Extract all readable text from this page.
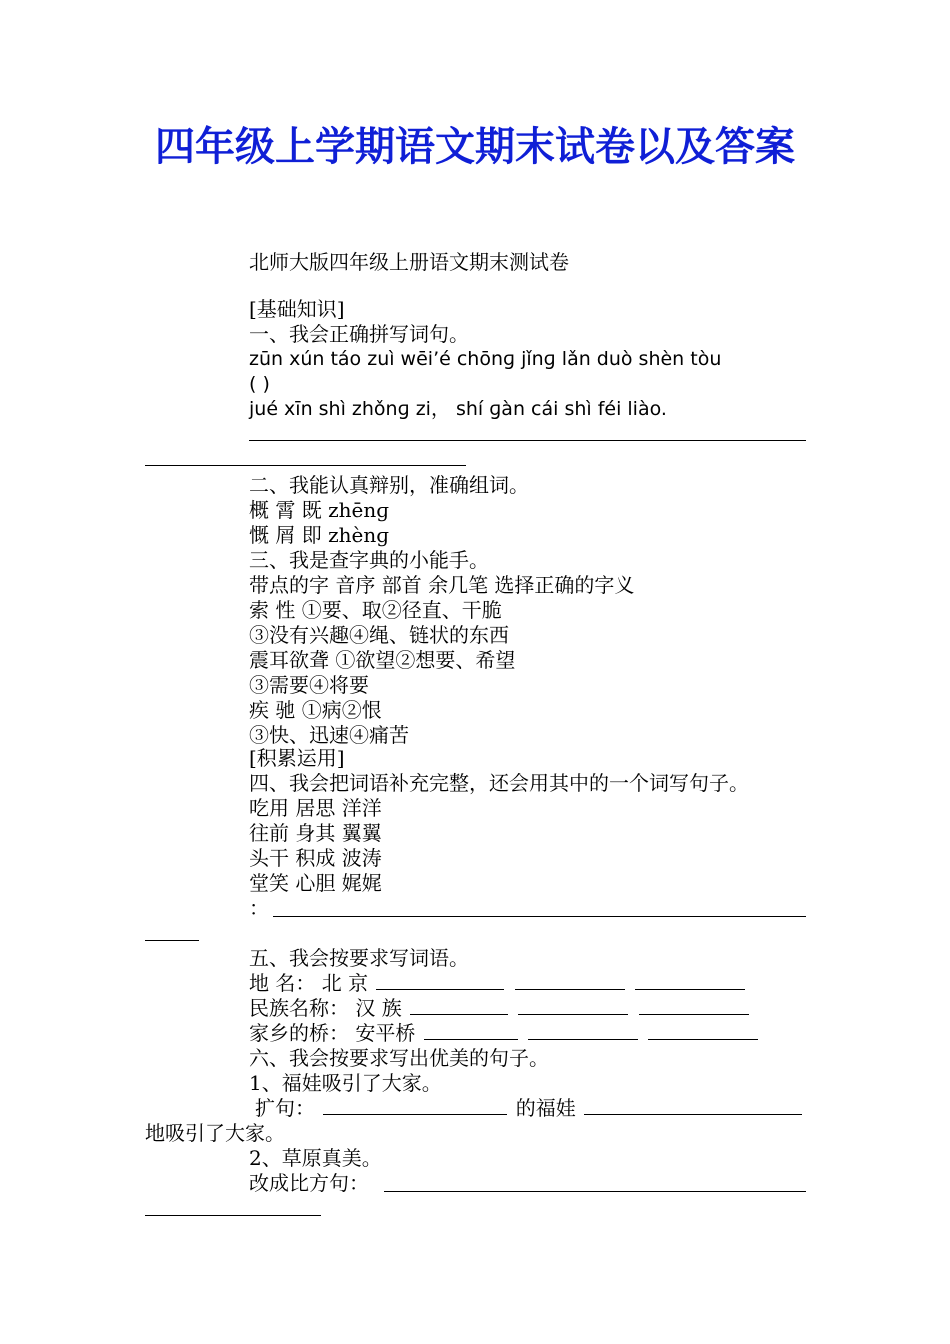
四年级上学期语文期末试卷以及答案
北师大版四年级上册语文期末测试卷
[基础知识]
一、我会正确拼写词句。
zūn xún táo zuì wēi’é chōnɡ jǐnɡ lǎn duò shèn tòu
( )
jué xīn shì zhǒnɡ zi， shí ɡàn cái shì féi liào.
二、我能认真辩别，准确组词。
概 霄 既 zhēnɡ
慨 屑 即 zhènɡ
三、我是查字典的小能手。
带点的字 音序 部首 余几笔 选择正确的字义
索 性 ①要、取②径直、干脆
③没有兴趣④绳、链状的东西
震耳欲聋 ①欲望②想要、希望
③需要④将要
疾 驰 ①病②恨
③快、迅速④痛苦
[积累运用]
四、我会把词语补充完整，还会用其中的一个词写句子。
吃用 居思 洋洋
往前 身其 翼翼
头干 积成 波涛
堂笑 心胆 娓娓
：
五、我会按要求写词语。
地 名： 北 京
民族名称： 汉 族
家乡的桥： 安平桥
六、我会按要求写出优美的句子。
1、福娃吸引了大家。
扩句：	的福娃
地吸引了大家。
2、草原真美。
改成比方句：
